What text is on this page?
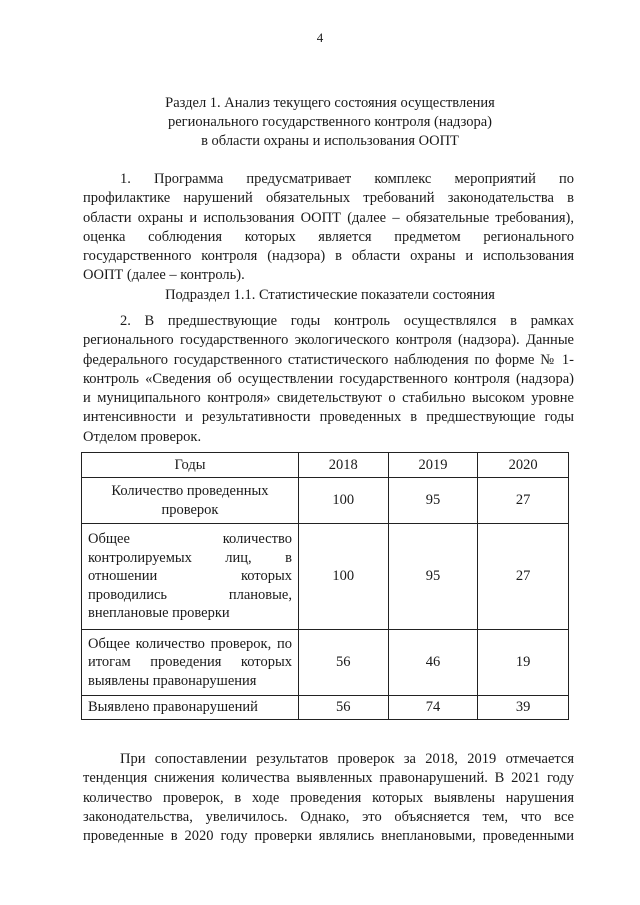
4
Раздел 1. Анализ текущего состояния осуществления
регионального государственного контроля (надзора)
в области охраны и использования ООПТ
1. Программа предусматривает комплекс мероприятий по
профилактике нарушений обязательных требований законодательства в
области охраны и использования ООПТ (далее – обязательные требования),
оценка соблюдения которых является предметом регионального
государственного контроля (надзора) в области охраны и использования
ООПТ (далее – контроль).
Подраздел 1.1. Статистические показатели состояния
2. В предшествующие годы контроль осуществлялся в рамках
регионального государственного экологического контроля (надзора). Данные
федерального государственного статистического наблюдения по форме № 1-
контроль «Сведения об осуществлении государственного контроля (надзора)
и муниципального контроля» свидетельствуют о стабильно высоком уровне
интенсивности и результативности проведенных в предшествующие годы
Отделом проверок.
Годы	2018	2019	2020

Количество проведенных
проверок	100	95	27

Общее количество
контролируемых лиц, в
отношении которых
проводились плановые,
внеплановые проверки	100	95	27

Общее количество проверок, по
итогам проведения которых
выявлены правонарушения	56	46	19

Выявлено правонарушений	56	74	39
При сопоставлении результатов проверок за 2018, 2019 отмечается
тенденция снижения количества выявленных правонарушений. В 2021 году
количество проверок, в ходе проведения которых выявлены нарушения
законодательства, увеличилось. Однако, это объясняется тем, что все
проведенные в 2020 году проверки являлись внеплановыми, проведенными
